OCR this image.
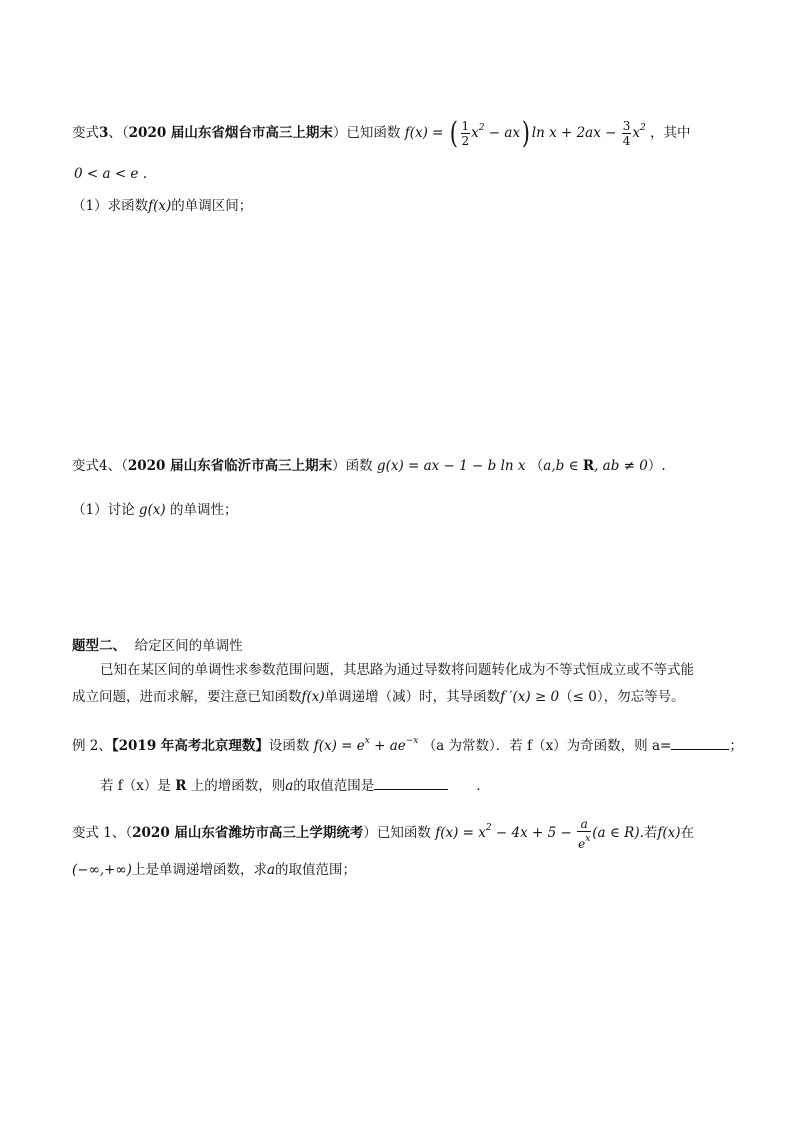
变式3、（2020 届山东省烟台市高三上期末）已知函数 f(x) = ( $\frac{1}{2} x^2 - ax$) $\ln x + 2ax - \frac{3}{4} x^2$ ，其中
0 < a < e .
（1）求函数f(x)的单调区间；
变式4、（2020 届山东省临沂市高三上期末）函数 g(x) = ax − 1 − b ln x （a,b ∈ R, ab ≠ 0）.
（1）讨论 g(x) 的单调性；
题型二、 给定区间的单调性
已知在某区间的单调性求参数范围问题，其思路为通过导数将问题转化成为不等式恒成立或不等式能
成立问题，进而求解，要注意已知函数f(x)单调递增（减）时，其导函数f ′(x) ≥ 0（≤ 0），勿忘等号。
例 2、【2019 年高考北京理数】设函数 $f(x) = e^x + ae^{-x}$ （a 为常数）．若 f（x）为奇函数，则 a=	；
若 f（x）是 R 上的增函数，则a的取值范围是	.
变式 1、（2020 届山东省潍坊市高三上学期统考）已知函数 $f(x) = x^2 - 4x + 5 - \frac{a}{e^x} (a$ ∈ R).若f(x)在
(−∞,+∞)上是单调递增函数，求a的取值范围；
